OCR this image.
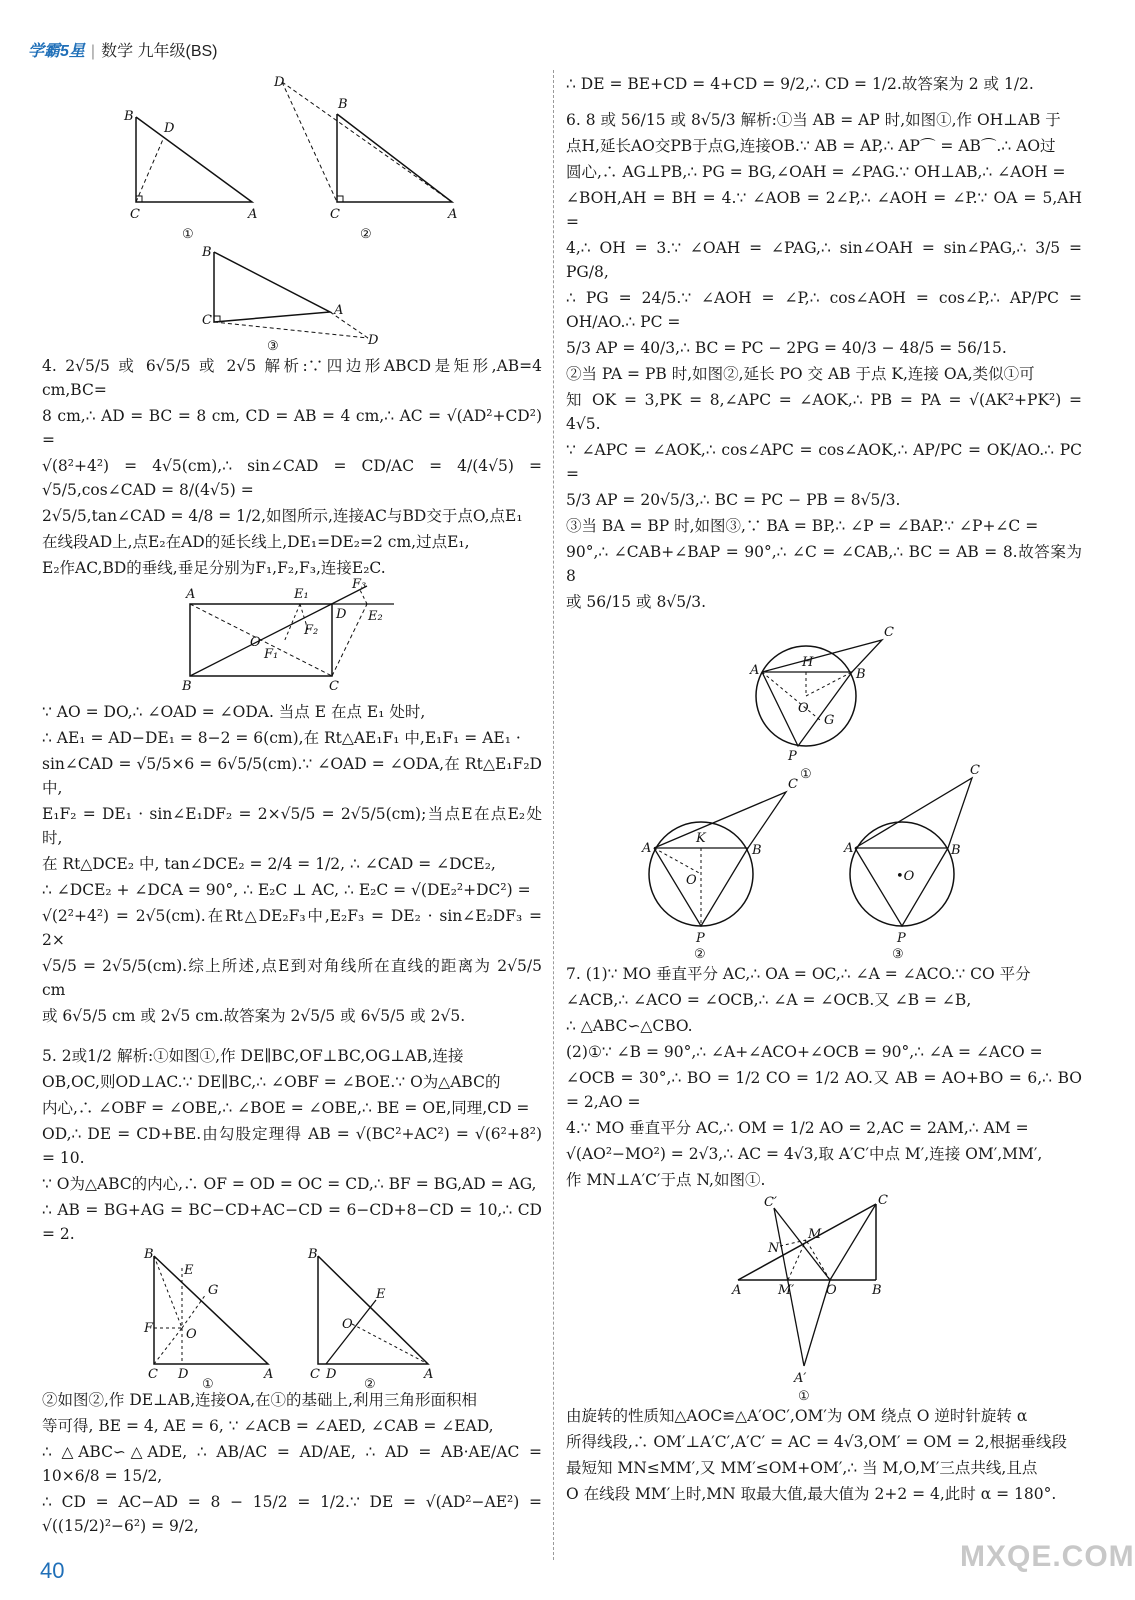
学霸5星 | 数学 九年级(BS)
B
D
C	A
①
D
B
C	A
②
B
C
A
D
③

4. 2√5/5 或 6√5/5 或 2√5 解析:∵四边形ABCD是矩形,AB=4 cm,BC=

8 cm,∴ AD = BC = 8 cm, CD = AB = 4 cm,∴ AC = √(AD²+CD²) =

√(8²+4²) = 4√5(cm),∴ sin∠CAD = CD/AC = 4/(4√5) = √5/5,cos∠CAD = 8/(4√5) =

2√5/5,tan∠CAD = 4/8 = 1/2,如图所示,连接AC与BD交于点O,点E₁

在线段AD上,点E₂在AD的延长线上,DE₁=DE₂=2 cm,过点E₁,

E₂作AC,BD的垂线,垂足分别为F₁,F₂,F₃,连接E₂C.

A	E₁
F₃
D E₂
F₂
O
F₁
B	C

∵ AO = DO,∴ ∠OAD = ∠ODA. 当点 E 在点 E₁ 处时,

∴ AE₁ = AD−DE₁ = 8−2 = 6(cm),在 Rt△AE₁F₁ 中,E₁F₁ = AE₁ ·

sin∠CAD = √5/5×6 = 6√5/5(cm).∵ ∠OAD = ∠ODA,在 Rt△E₁F₂D 中,

E₁F₂ = DE₁ · sin∠E₁DF₂ = 2×√5/5 = 2√5/5(cm);当点E在点E₂处时,

在 Rt△DCE₂ 中, tan∠DCE₂ = 2/4 = 1/2, ∴ ∠CAD = ∠DCE₂,

∴ ∠DCE₂ + ∠DCA = 90°, ∴ E₂C ⊥ AC, ∴ E₂C = √(DE₂²+DC²) =

√(2²+4²) = 2√5(cm).在Rt△DE₂F₃中,E₂F₃ = DE₂ · sin∠E₂DF₃ = 2×

√5/5 = 2√5/5(cm).综上所述,点E到对角线所在直线的距离为 2√5/5 cm

或 6√5/5 cm 或 2√5 cm.故答案为 2√5/5 或 6√5/5 或 2√5.

5. 2或1/2 解析:①如图①,作 DE∥BC,OF⊥BC,OG⊥AB,连接

OB,OC,则OD⊥AC.∵ DE∥BC,∴ ∠OBF = ∠BOE.∵ O为△ABC的

内心,∴ ∠OBF = ∠OBE,∴ ∠BOE = ∠OBE,∴ BE = OE,同理,CD =

OD,∴ DE = CD+BE.由勾股定理得 AB = √(BC²+AC²) = √(6²+8²) = 10.

∵ O为△ABC的内心,∴ OF = OD = OC = CD,∴ BF = BG,AD = AG,

∴ AB = BG+AG = BC−CD+AC−CD = 6−CD+8−CD = 10,∴ CD = 2.

B
E
G
F	O
C D	A
①
B
E
O
C D	A
②

②如图②,作 DE⊥AB,连接OA,在①的基础上,利用三角形面积相

等可得, BE = 4, AE = 6, ∵ ∠ACB = ∠AED, ∠CAB = ∠EAD,

∴ △ABC∽△ADE, ∴ AB/AC = AD/AE, ∴ AD = AB·AE/AC = 10×6/8 = 15/2,

∴ CD = AC−AD = 8 − 15/2 = 1/2.∵ DE = √(AD²−AE²) = √((15/2)²−6²) = 9/2,

∴ DE = BE+CD = 4+CD = 9/2,∴ CD = 1/2.故答案为 2 或 1/2.

6. 8 或 56/15 或 8√5/3 解析:①当 AB = AP 时,如图①,作 OH⊥AB 于

点H,延长AO交PB于点G,连接OB.∵ AB = AP,∴ AP⌒ = AB⌒.∴ AO过

圆心,∴ AG⊥PB,∴ PG = BG,∠OAH = ∠PAG.∵ OH⊥AB,∴ ∠AOH =

∠BOH,AH = BH = 4.∵ ∠AOB = 2∠P,∴ ∠AOH = ∠P.∵ OA = 5,AH =

4,∴ OH = 3.∵ ∠OAH = ∠PAG,∴ sin∠OAH = sin∠PAG,∴ 3/5 = PG/8,

∴ PG = 24/5.∵ ∠AOH = ∠P,∴ cos∠AOH = cos∠P,∴ AP/PC = OH/AO.∴ PC =

5/3 AP = 40/3,∴ BC = PC − 2PG = 40/3 − 48/5 = 56/15.

②当 PA = PB 时,如图②,延长 PO 交 AB 于点 K,连接 OA,类似①可

知 OK = 3,PK = 8,∠APC = ∠AOK,∴ PB = PA = √(AK²+PK²) = 4√5.

∵ ∠APC = ∠AOK,∴ cos∠APC = cos∠AOK,∴ AP/PC = OK/AO.∴ PC =

5/3 AP = 20√5/3,∴ BC = PC − PB = 8√5/3.

③当 BA = BP 时,如图③,∵ BA = BP,∴ ∠P = ∠BAP.∵ ∠P+∠C =

90°,∴ ∠CAB+∠BAP = 90°,∴ ∠C = ∠CAB,∴ BC = AB = 8.故答案为 8

或 56/15 或 8√5/3.

A
H
B
C
O
G
P
①
A
K
B
C
O
P
②
A	B
C
•O
P
③

7. (1)∵ MO 垂直平分 AC,∴ OA = OC,∴ ∠A = ∠ACO.∵ CO 平分

∠ACB,∴ ∠ACO = ∠OCB,∴ ∠A = ∠OCB.又 ∠B = ∠B,

∴ △ABC∽△CBO.

(2)①∵ ∠B = 90°,∴ ∠A+∠ACO+∠OCB = 90°,∴ ∠A = ∠ACO =

∠OCB = 30°,∴ BO = 1/2 CO = 1/2 AO.又 AB = AO+BO = 6,∴ BO = 2,AO =

4.∵ MO 垂直平分 AC,∴ OM = 1/2 AO = 2,AC = 2AM,∴ AM =

√(AO²−MO²) = 2√3,∴ AC = 4√3,取 A′C′中点 M′,连接 OM′,MM′,

作 MN⊥A′C′于点 N,如图①.

C′	C
M
N
A	M′ O	B
A′
①

由旋转的性质知△AOC≌△A′OC′,OM′为 OM 绕点 O 逆时针旋转 α

所得线段,∴ OM′⊥A′C′,A′C′ = AC = 4√3,OM′ = OM = 2,根据垂线段

最短知 MN≤MM′,又 MM′≤OM+OM′,∴ 当 M,O,M′三点共线,且点

O 在线段 MM′上时,MN 取最大值,最大值为 2+2 = 4,此时 α = 180°.

40	MXQE.COM
